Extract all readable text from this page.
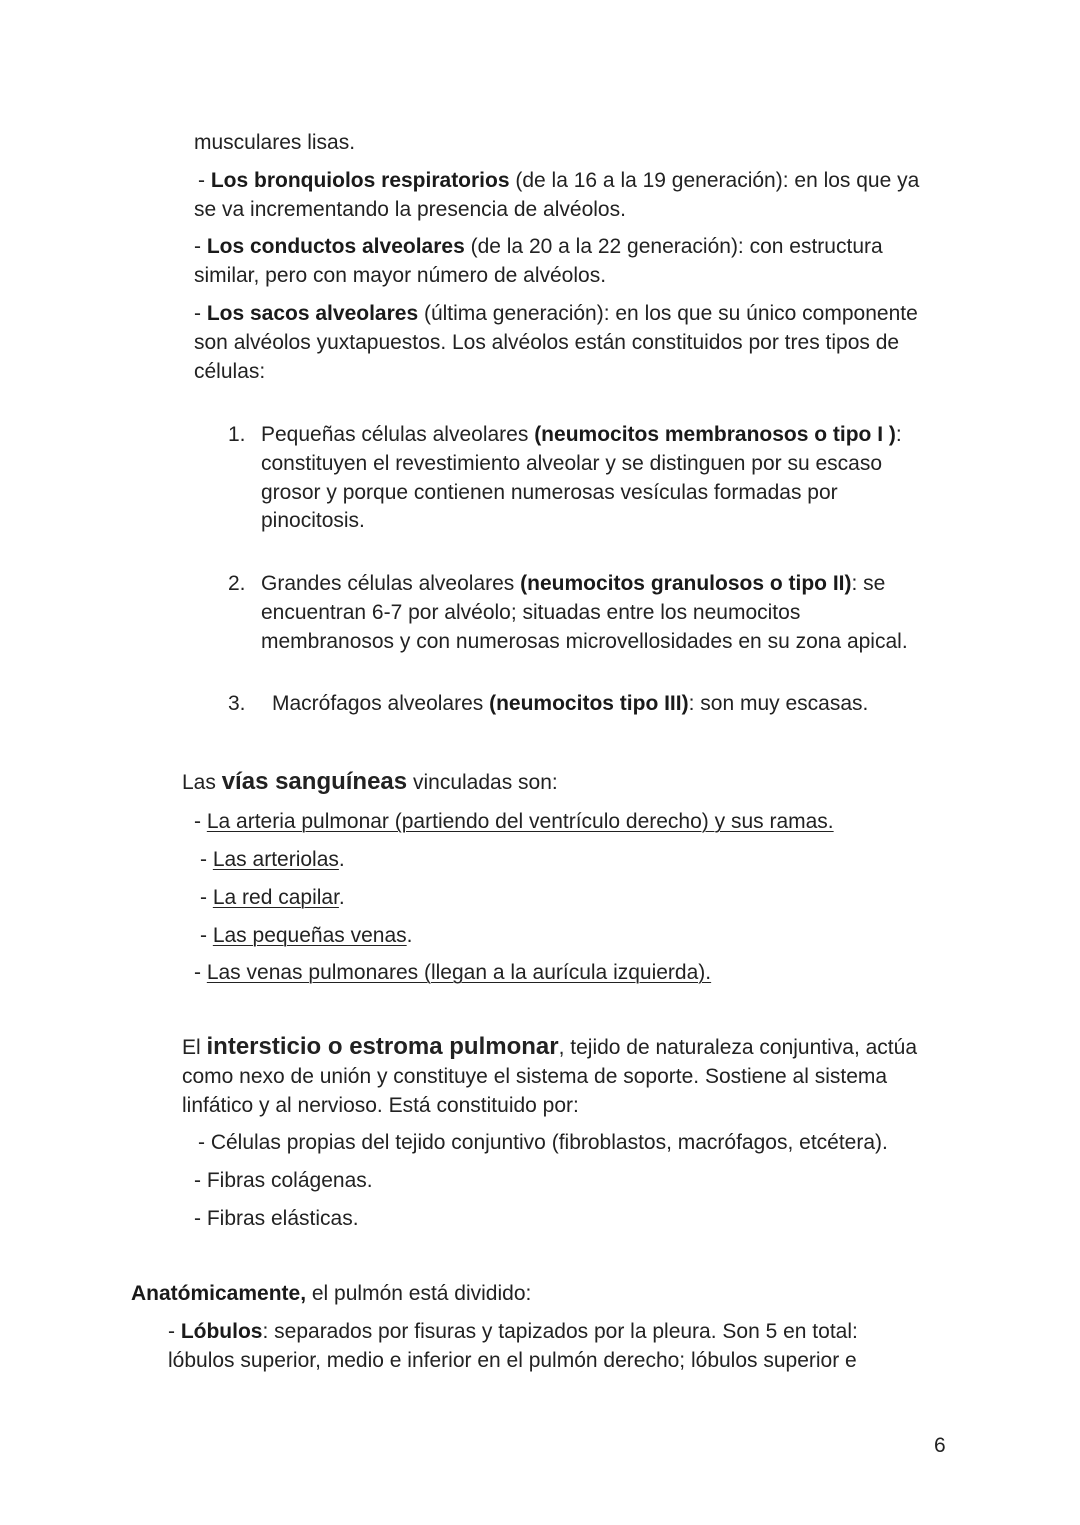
musculares lisas.
- Los bronquiolos respiratorios (de la 16 a la 19 generación): en los que ya
se va incrementando la presencia de alvéolos.
- Los conductos alveolares (de la 20 a la 22 generación): con estructura
similar, pero con mayor número de alvéolos.
- Los sacos alveolares (última generación): en los que su único componente
son alvéolos yuxtapuestos. Los alvéolos están constituidos por tres tipos de
células:
1. Pequeñas células alveolares (neumocitos membranosos o tipo I ):
constituyen el revestimiento alveolar y se distinguen por su escaso
grosor y porque contienen numerosas vesículas formadas por
pinocitosis.
2. Grandes células alveolares (neumocitos granulosos o tipo II): se
encuentran 6-7 por alvéolo; situadas entre los neumocitos
membranosos y con numerosas microvellosidades en su zona apical.
3. Macrófagos alveolares (neumocitos tipo III): son muy escasas.
Las vías sanguíneas vinculadas son:
- La arteria pulmonar (partiendo del ventrículo derecho) y sus ramas.
- Las arteriolas.
- La red capilar.
- Las pequeñas venas.
- Las venas pulmonares (llegan a la aurícula izquierda).
El intersticio o estroma pulmonar, tejido de naturaleza conjuntiva, actúa
como nexo de unión y constituye el sistema de soporte. Sostiene al sistema
linfático y al nervioso. Está constituido por:
- Células propias del tejido conjuntivo (fibroblastos, macrófagos, etcétera).
- Fibras colágenas.
- Fibras elásticas.
Anatómicamente, el pulmón está dividido:
- Lóbulos: separados por fisuras y tapizados por la pleura. Son 5 en total:
lóbulos superior, medio e inferior en el pulmón derecho; lóbulos superior e
6
